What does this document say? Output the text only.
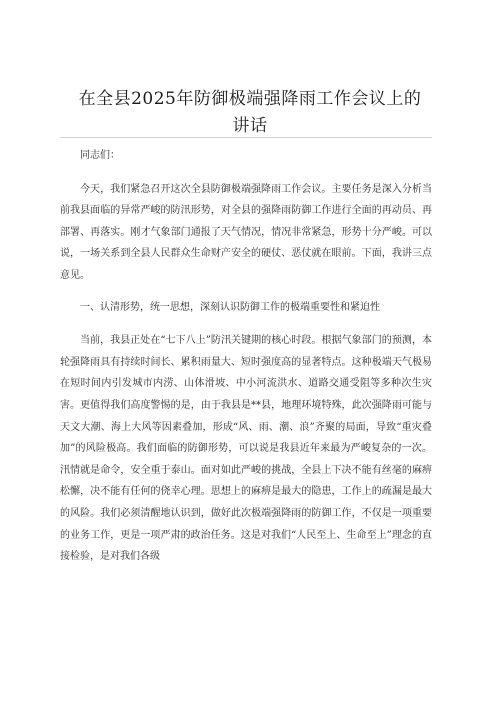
在全县2025年防御极端强降雨工作会议上的
讲话

同志们：

今天，我们紧急召开这次全县防御极端强降雨工作会议。主要任务是深入分析当前我县面临的异常严峻的防汛形势，对全县的强降雨防御工作进行全面的再动员、再部署、再落实。刚才气象部门通报了天气情况，情况非常紧急，形势十分严峻。可以说，一场关系到全县人民群众生命财产安全的硬仗、恶仗就在眼前。下面，我讲三点意见。

一、认清形势，统一思想，深刻认识防御工作的极端重要性和紧迫性

当前，我县正处在“七下八上”防汛关键期的核心时段。根据气象部门的预测，本轮强降雨具有持续时间长、累积雨量大、短时强度高的显著特点。这种极端天气极易在短时间内引发城市内涝、山体滑坡、中小河流洪水、道路交通受阻等多种次生灾害。更值得我们高度警惕的是，由于我县是**县，地理环境特殊，此次强降雨可能与天文大潮、海上大风等因素叠加，形成“风、雨、潮、浪”齐聚的局面，导致“重灾叠加”的风险极高。我们面临的防御形势，可以说是我县近年来最为严峻复杂的一次。汛情就是命令，安全重于泰山。面对如此严峻的挑战，全县上下决不能有丝毫的麻痹松懈，决不能有任何的侥幸心理。思想上的麻痹是最大的隐患，工作上的疏漏是最大的风险。我们必须清醒地认识到，做好此次极端强降雨的防御工作，不仅是一项重要的业务工作，更是一项严肃的政治任务。这是对我们“人民至上、生命至上”理念的直接检验，是对我们各级
